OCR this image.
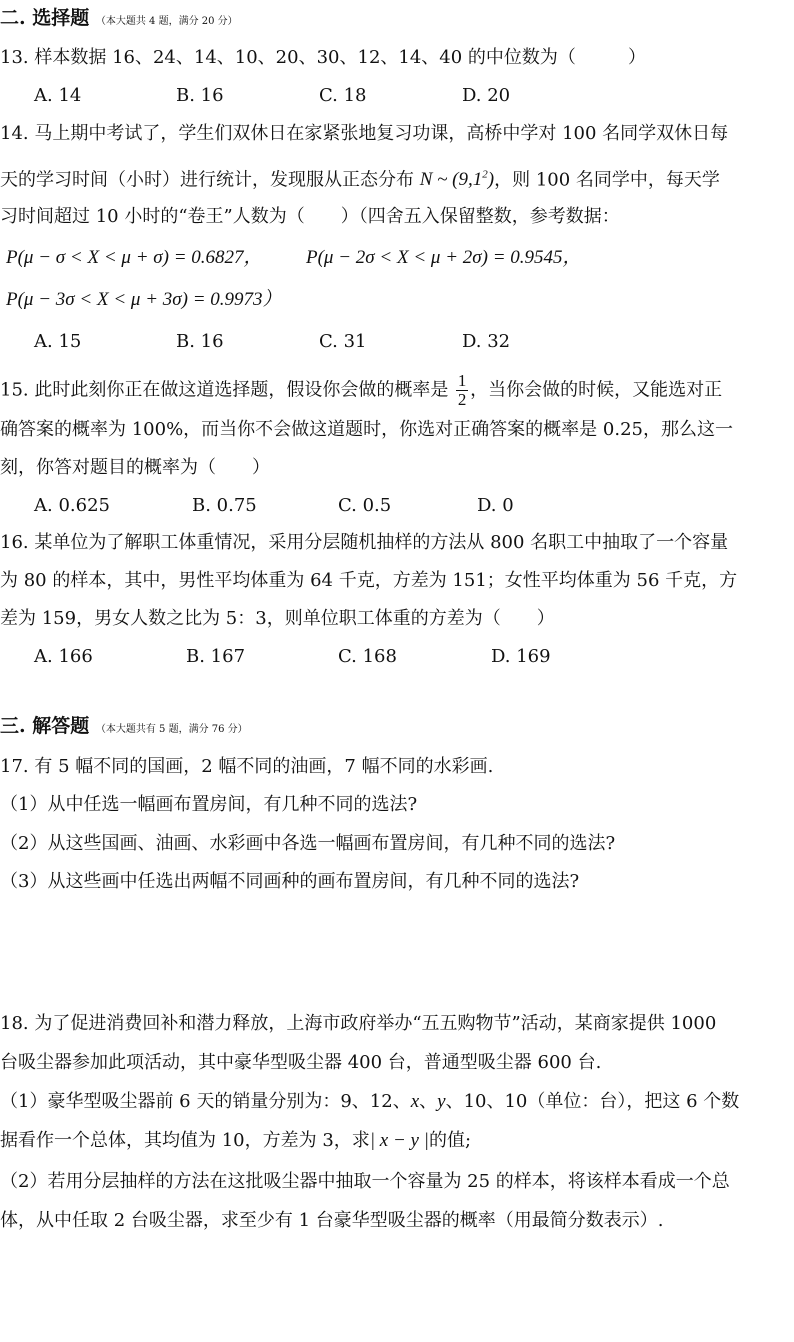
二. 选择题 （本大题共 4 题，满分 20 分）
13. 样本数据 16、24、14、10、20、30、12、14、40 的中位数为（	）
A. 14	B. 16	C. 18	D. 20
14. 马上期中考试了，学生们双休日在家紧张地复习功课，高桥中学对 100 名同学双休日每
天的学习时间（小时）进行统计，发现服从正态分布 N ~ $(9,1^2)$，则 100 名同学中，每天学
习时间超过 10 小时的“卷王”人数为（　　）（四舍五入保留整数，参考数据：
P(μ − σ < X < μ + σ) = 0.6827， P(μ − 2σ < X < μ + 2σ) = 0.9545，
P(μ − 3σ < X < μ + 3σ) = 0.9973）
A. 15	B. 16	C. 31	D. 32
15. 此时此刻你正在做这道选择题，假设你会做的概率是 $\frac{1}{2}$ ，当你会做的时候，又能选对正
确答案的概率为 100%，而当你不会做这道题时，你选对正确答案的概率是 0.25，那么这一
刻，你答对题目的概率为（　　）
A. 0.625	B. 0.75	C. 0.5	D. 0
16. 某单位为了解职工体重情况，采用分层随机抽样的方法从 800 名职工中抽取了一个容量
为 80 的样本，其中，男性平均体重为 64 千克，方差为 151；女性平均体重为 56 千克，方
差为 159，男女人数之比为 5：3，则单位职工体重的方差为（　　）
A. 166	B. 167	C. 168	D. 169
三. 解答题 （本大题共有 5 题，满分 76 分）
17. 有 5 幅不同的国画，2 幅不同的油画，7 幅不同的水彩画.
（1）从中任选一幅画布置房间，有几种不同的选法?
（2）从这些国画、油画、水彩画中各选一幅画布置房间，有几种不同的选法?
（3）从这些画中任选出两幅不同画种的画布置房间，有几种不同的选法?
18. 为了促进消费回补和潜力释放，上海市政府举办“五五购物节”活动，某商家提供 1000
台吸尘器参加此项活动，其中豪华型吸尘器 400 台，普通型吸尘器 600 台.
（1）豪华型吸尘器前 6 天的销量分别为：9、12、x、y、10、10（单位：台），把这 6 个数
据看作一个总体，其均值为 10，方差为 3，求| x − y |的值;
（2）若用分层抽样的方法在这批吸尘器中抽取一个容量为 25 的样本，将该样本看成一个总
体，从中任取 2 台吸尘器，求至少有 1 台豪华型吸尘器的概率（用最简分数表示）.
